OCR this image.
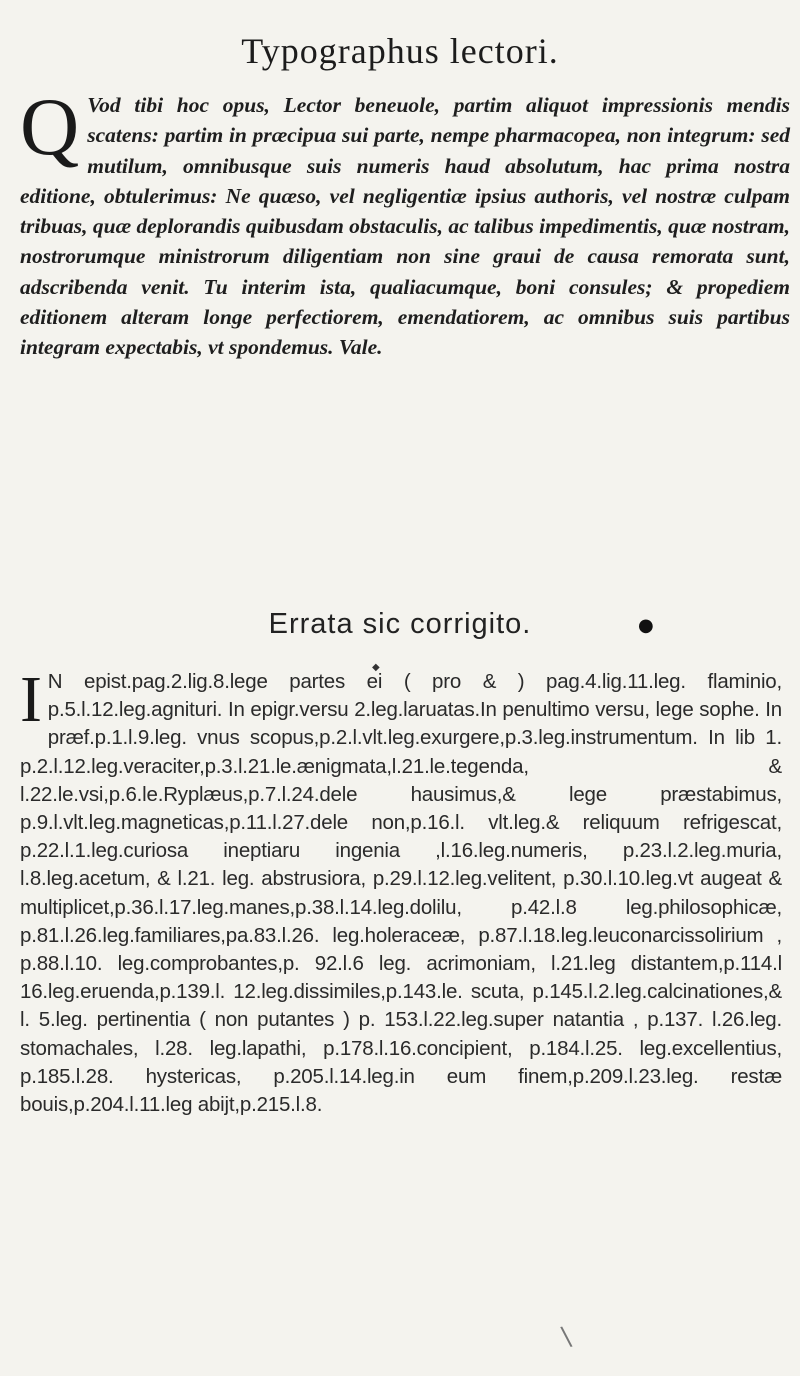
Typographus lectori.
Q Vod tibi hoc opus, Lector beneuole, partim aliquot impressionis mendis scatens: partim in præcipua sui parte, nempe pharmacopea, non integrum: sed mutilum, omnibusque suis numeris haud absolutum, hac prima nostra editione, obtulerimus: Ne quæso, vel negligentiæ ipsius authoris, vel nostræ culpam tribuas, quæ deplorandis quibusdam obstaculis, ac talibus impedimentis, quæ nostram, nostrorumque ministrorum diligentiam non sine graui de causa remorata sunt, adscribenda venit. Tu interim ista, qualiacumque, boni consules; & propediem editionem alteram longe perfectiorem, emendatiorem, ac omnibus suis partibus integram expectabis, vt spondemus. Vale.
◆
Errata sic corrigito.	●
I N epist.pag.2.lig.8.lege partes ei ( pro & ) pag.4.lig.11.leg. flaminio, p.5.l.12.leg.agnituri. In epigr.versu 2.leg.laruatas.In penultimo versu, lege sophe. In præf.p.1.l.9.leg. vnus scopus,p.2.l.vlt.leg.exurgere,p.3.leg.instrumentum. In lib 1. p.2.l.12.leg.veraciter,p.3.l.21.le.ænigmata,l.21.le.tegenda, & l.22.le.vsi,p.6.le.Ryplæus,p.7.l.24.dele hausimus,& lege præstabimus, p.9.l.vlt.leg.magneticas,p.11.l.27.dele non,p.16.l. vlt.leg.& reliquum refrigescat, p.22.l.1.leg.curiosa ineptiaru ingenia ,l.16.leg.numeris, p.23.l.2.leg.muria, l.8.leg.acetum, & l.21. leg. abstrusiora, p.29.l.12.leg.velitent, p.30.l.10.leg.vt augeat & multiplicet,p.36.l.17.leg.manes,p.38.l.14.leg.dolilu, p.42.l.8 leg.philosophicæ, p.81.l.26.leg.familiares,pa.83.l.26. leg.holeraceæ, p.87.l.18.leg.leuconarcissolirium , p.88.l.10. leg.comprobantes,p. 92.l.6 leg. acrimoniam, l.21.leg distantem,p.114.l 16.leg.eruenda,p.139.l. 12.leg.dissimiles,p.143.le. scuta, p.145.l.2.leg.calcinationes,& l. 5.leg. pertinentia ( non putantes ) p. 153.l.22.leg.super natantia , p.137. l.26.leg. stomachales, l.28. leg.lapathi, p.178.l.16.concipient, p.184.l.25. leg.excellentius, p.185.l.28. hystericas, p.205.l.14.leg.in eum finem,p.209.l.23.leg. restæ bouis,p.204.l.11.leg abijt,p.215.l.8.
\
